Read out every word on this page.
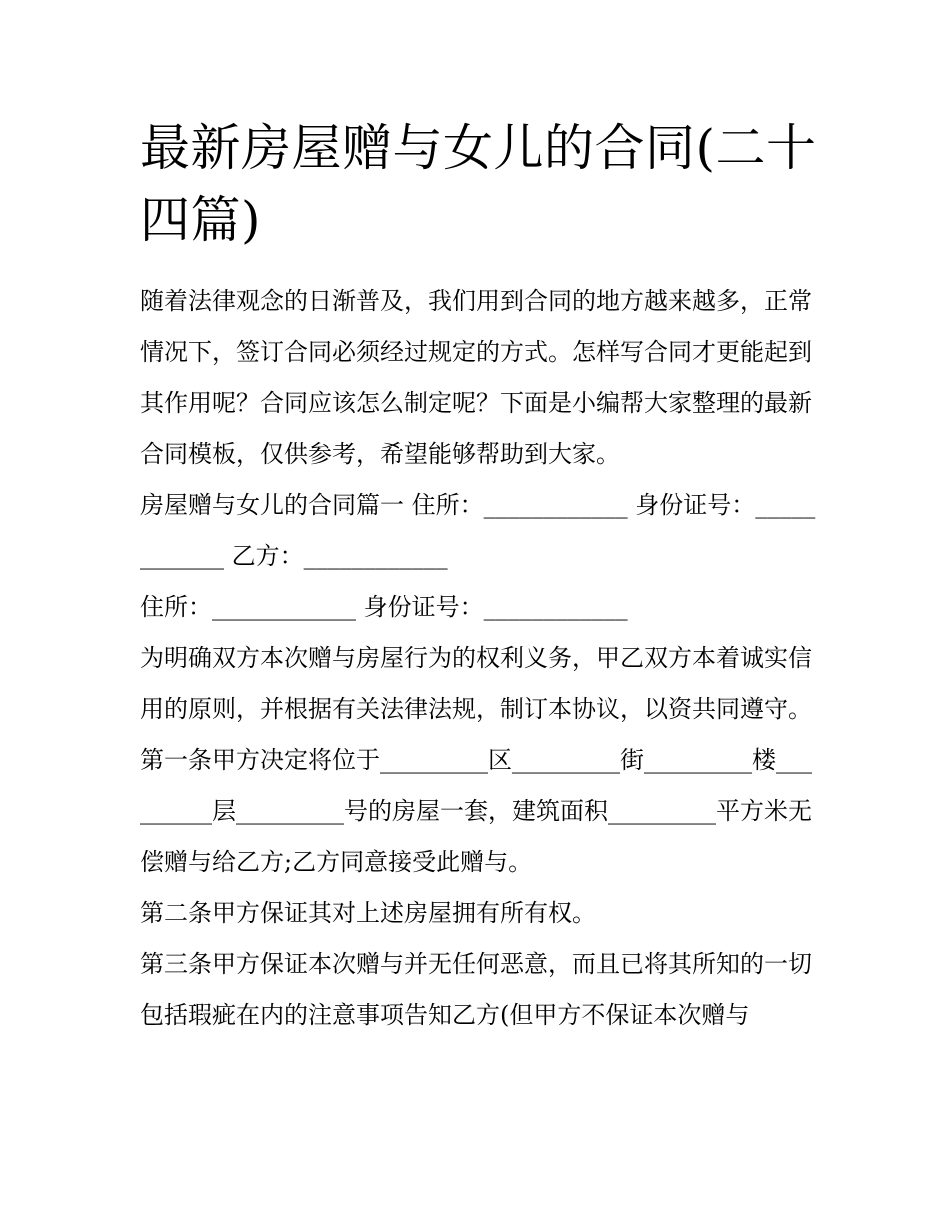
最新房屋赠与女儿的合同(二十四篇)

随着法律观念的日渐普及，我们用到合同的地方越来越多，正常情况下，签订合同必须经过规定的方式。怎样写合同才更能起到其作用呢？合同应该怎么制定呢？下面是小编帮大家整理的最新合同模板，仅供参考，希望能够帮助到大家。

房屋赠与女儿的合同篇一 住所：____________ 身份证号：____________ 乙方：____________

住所：____________ 身份证号：____________

为明确双方本次赠与房屋行为的权利义务，甲乙双方本着诚实信用的原则，并根据有关法律法规，制订本协议，以资共同遵守。

第一条甲方决定将位于_________区_________街_________楼_________层_________号的房屋一套，建筑面积_________平方米无偿赠与给乙方;乙方同意接受此赠与。

第二条甲方保证其对上述房屋拥有所有权。

第三条甲方保证本次赠与并无任何恶意，而且已将其所知的一切包括瑕疵在内的注意事项告知乙方(但甲方不保证本次赠与
